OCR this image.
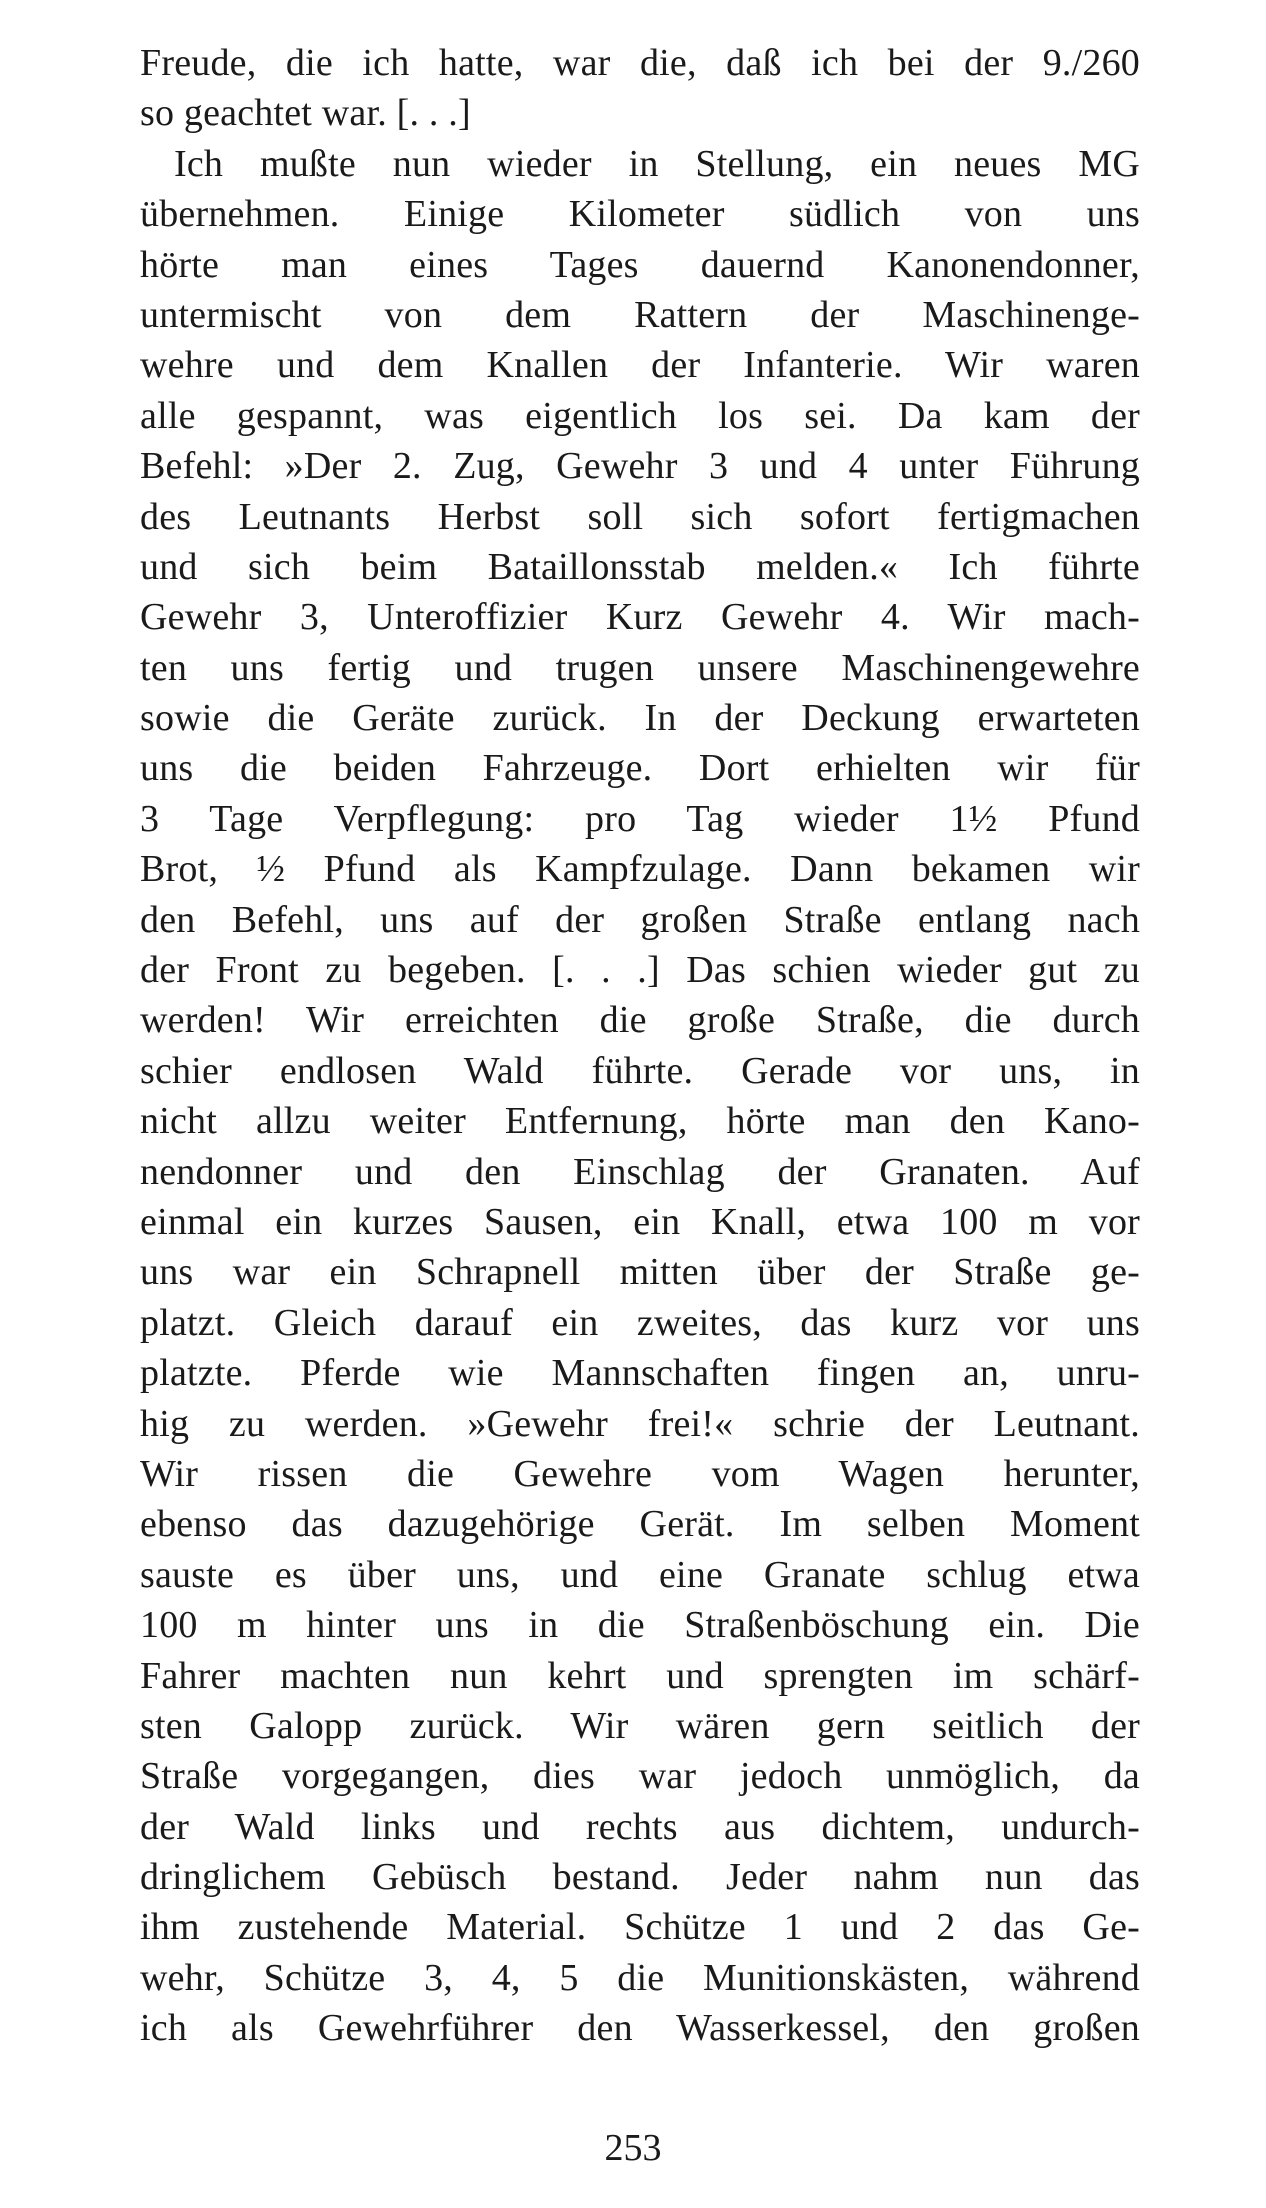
Freude, die ich hatte, war die, daß ich bei der 9./260
so geachtet war. [. . .]
Ich mußte nun wieder in Stellung, ein neues MG
übernehmen. Einige Kilometer südlich von uns
hörte man eines Tages dauernd Kanonendonner,
untermischt von dem Rattern der Maschinenge-
wehre und dem Knallen der Infanterie. Wir waren
alle gespannt, was eigentlich los sei. Da kam der
Befehl: »Der 2. Zug, Gewehr 3 und 4 unter Führung
des Leutnants Herbst soll sich sofort fertigmachen
und sich beim Bataillonsstab melden.« Ich führte
Gewehr 3, Unteroffizier Kurz Gewehr 4. Wir mach-
ten uns fertig und trugen unsere Maschinengewehre
sowie die Geräte zurück. In der Deckung erwarteten
uns die beiden Fahrzeuge. Dort erhielten wir für
3 Tage Verpflegung: pro Tag wieder 1½ Pfund
Brot, ½ Pfund als Kampfzulage. Dann bekamen wir
den Befehl, uns auf der großen Straße entlang nach
der Front zu begeben. [. . .] Das schien wieder gut zu
werden! Wir erreichten die große Straße, die durch
schier endlosen Wald führte. Gerade vor uns, in
nicht allzu weiter Entfernung, hörte man den Kano-
nendonner und den Einschlag der Granaten. Auf
einmal ein kurzes Sausen, ein Knall, etwa 100 m vor
uns war ein Schrapnell mitten über der Straße ge-
platzt. Gleich darauf ein zweites, das kurz vor uns
platzte. Pferde wie Mannschaften fingen an, unru-
hig zu werden. »Gewehr frei!« schrie der Leutnant.
Wir rissen die Gewehre vom Wagen herunter,
ebenso das dazugehörige Gerät. Im selben Moment
sauste es über uns, und eine Granate schlug etwa
100 m hinter uns in die Straßenböschung ein. Die
Fahrer machten nun kehrt und sprengten im schärf-
sten Galopp zurück. Wir wären gern seitlich der
Straße vorgegangen, dies war jedoch unmöglich, da
der Wald links und rechts aus dichtem, undurch-
dringlichem Gebüsch bestand. Jeder nahm nun das
ihm zustehende Material. Schütze 1 und 2 das Ge-
wehr, Schütze 3, 4, 5 die Munitionskästen, während
ich als Gewehrführer den Wasserkessel, den großen
253
